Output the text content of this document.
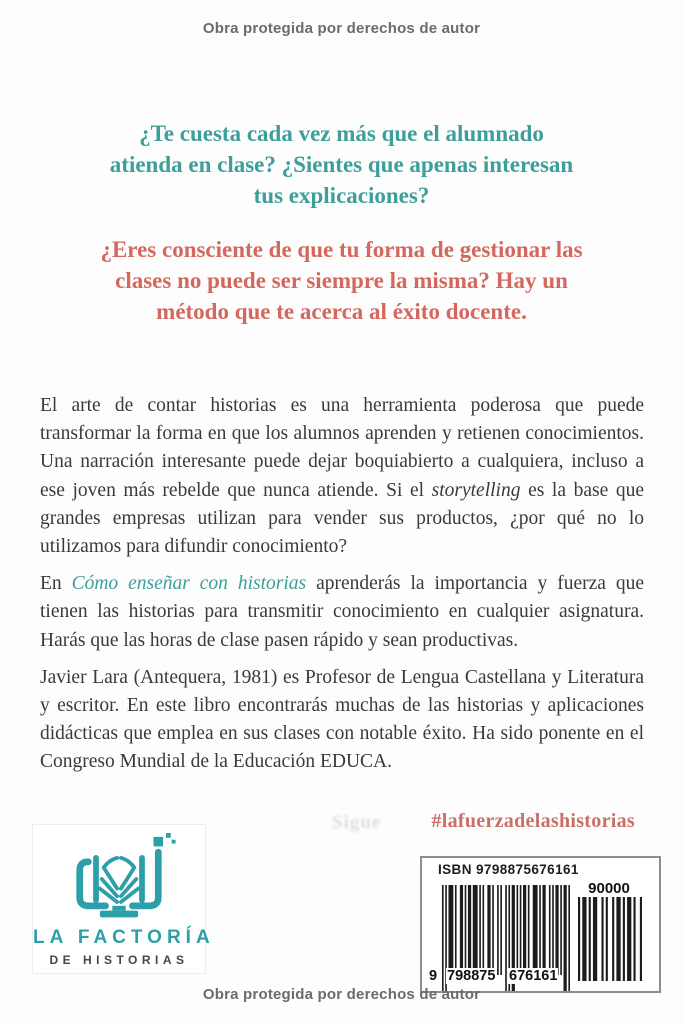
Obra protegida por derechos de autor
¿Te cuesta cada vez más que el alumnado
atienda en clase? ¿Sientes que apenas interesan
tus explicaciones?
¿Eres consciente de que tu forma de gestionar las
clases no puede ser siempre la misma? Hay un
método que te acerca al éxito docente.

El arte de contar historias es una herramienta poderosa que puede transformar la forma en que los alumnos aprenden y retienen conocimientos. Una narración interesante puede dejar boquiabierto a cualquiera, incluso a ese joven más rebelde que nunca atiende. Si el storytelling es la base que grandes empresas utilizan para vender sus productos, ¿por qué no lo utilizamos para difundir conocimiento?

En Cómo enseñar con historias aprenderás la importancia y fuerza que tienen las historias para transmitir conocimiento en cualquier asignatura. Harás que las horas de clase pasen rápido y sean productivas.

Javier Lara (Antequera, 1981) es Profesor de Lengua Castellana y Literatura y escritor. En este libro encontrarás muchas de las historias y aplicaciones didácticas que emplea en sus clases con notable éxito. Ha sido ponente en el Congreso Mundial de la Educación EDUCA.

Sigue	#lafuerzadelashistorias
LA FACTORÍA
DE HISTORIAS
ISBN 9798875676161
9 798875 676161
90000
Obra protegida por derechos de autor
